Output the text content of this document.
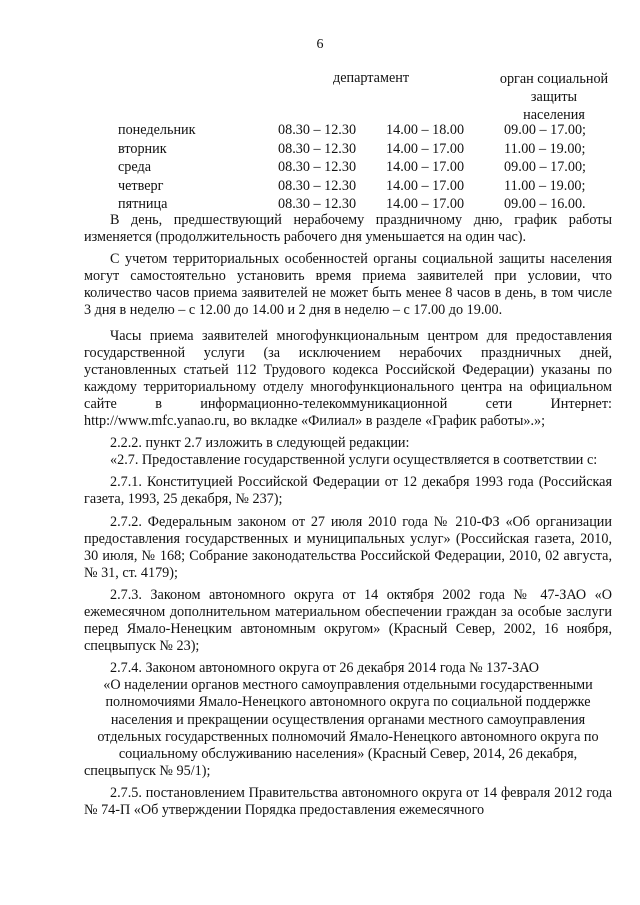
6
департамент	орган социальной
защиты
населения
понедельник	08.30 – 12.30	14.00 – 18.00	09.00 – 17.00;
вторник	08.30 – 12.30	14.00 – 17.00	11.00 – 19.00;
среда	08.30 – 12.30	14.00 – 17.00	09.00 – 17.00;
четверг	08.30 – 12.30	14.00 – 17.00	11.00 – 19.00;
пятница	08.30 – 12.30	14.00 – 17.00	09.00 – 16.00.

В день, предшествующий нерабочему праздничному дню, график работы изменяется (продолжительность рабочего дня уменьшается на один час).

С учетом территориальных особенностей органы социальной защиты населения могут самостоятельно установить время приема заявителей при условии, что количество часов приема заявителей не может быть менее 8 часов в день, в том числе 3 дня в неделю – с 12.00 до 14.00 и 2 дня в неделю – с 17.00 до 19.00.

Часы приема заявителей многофункциональным центром для предоставления государственной услуги (за исключением нерабочих праздничных дней, установленных статьей 112 Трудового кодекса Российской Федерации) указаны по каждому территориальному отделу многофункционального центра на официальном сайте в информационно-телекоммуникационной сети Интернет: http://www.mfc.yanao.ru, во вкладке «Филиал» в разделе «График работы».»;

2.2.2. пункт 2.7 изложить в следующей редакции:

«2.7. Предоставление государственной услуги осуществляется в соответствии с:

2.7.1. Конституцией Российской Федерации от 12 декабря 1993 года (Российская газета, 1993, 25 декабря, № 237);

2.7.2. Федеральным законом от 27 июля 2010 года № 210-ФЗ «Об организации предоставления государственных и муниципальных услуг» (Российская газета, 2010, 30 июля, № 168; Собрание законодательства Российской Федерации, 2010, 02 августа, № 31, ст. 4179);

2.7.3. Законом автономного округа от 14 октября 2002 года № 47-ЗАО «О ежемесячном дополнительном материальном обеспечении граждан за особые заслуги перед Ямало-Ненецким автономным округом» (Красный Север, 2002, 16 ноября, спецвыпуск № 23);

2.7.4. Законом автономного округа от 26 декабря 2014 года № 137-ЗАО

«О наделении органов местного самоуправления отдельными государственными полномочиями Ямало-Ненецкого автономного округа по социальной поддержке населения и прекращении осуществления органами местного самоуправления отдельных государственных полномочий Ямало-Ненецкого автономного округа по социальному обслуживанию населения» (Красный Север, 2014, 26 декабря,

спецвыпуск № 95/1);

2.7.5. постановлением Правительства автономного округа от 14 февраля 2012 года № 74-П «Об утверждении Порядка предоставления ежемесячного
